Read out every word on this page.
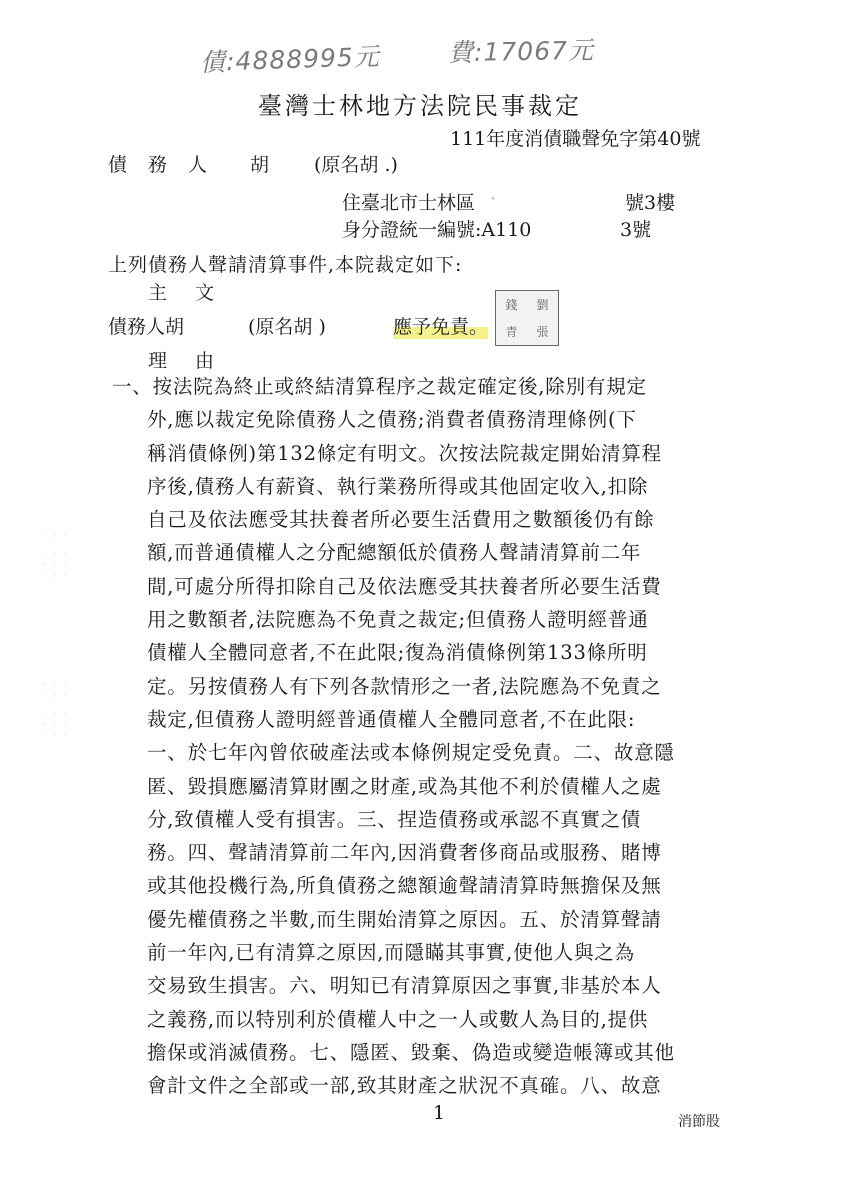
債:4888995元	費:17067元
臺灣士林地方法院民事裁定
111年度消債職聲免字第40號
債務人 胡 (原名胡 .)
住臺北市士林區 ·	號3樓
身分證統一編號:A110	3號
上列債務人聲請清算事件,本院裁定如下:
主文
債務人胡	(原名胡 )	應予免責。
錢	劉
青	張
理由
一、按法院為終止或終結清算程序之裁定確定後,除別有規定
外,應以裁定免除債務人之債務;消費者債務清理條例(下
稱消債條例)第132條定有明文。次按法院裁定開始清算程
序後,債務人有薪資、執行業務所得或其他固定收入,扣除
自己及依法應受其扶養者所必要生活費用之數額後仍有餘
額,而普通債權人之分配總額低於債務人聲請清算前二年
間,可處分所得扣除自己及依法應受其扶養者所必要生活費
用之數額者,法院應為不免責之裁定;但債務人證明經普通
債權人全體同意者,不在此限;復為消債條例第133條所明
定。另按債務人有下列各款情形之一者,法院應為不免責之
裁定,但債務人證明經普通債權人全體同意者,不在此限:
一、於七年內曾依破產法或本條例規定受免責。二、故意隱
匿、毀損應屬清算財團之財產,或為其他不利於債權人之處
分,致債權人受有損害。三、捏造債務或承認不真實之債
務。四、聲請清算前二年內,因消費奢侈商品或服務、賭博
或其他投機行為,所負債務之總額逾聲請清算時無擔保及無
優先權債務之半數,而生開始清算之原因。五、於清算聲請
前一年內,已有清算之原因,而隱瞞其事實,使他人與之為
交易致生損害。六、明知已有清算原因之事實,非基於本人
之義務,而以特別利於債權人中之一人或數人為目的,提供
擔保或消滅債務。七、隱匿、毀棄、偽造或變造帳簿或其他
會計文件之全部或一部,致其財產之狀況不真確。八、故意
· · ·
· · ·
· · ·
· · ·
· · ·
· · ·
· · ·
· · ·
· · ·
· · ·
· · ·
· · ·
1	消節股
